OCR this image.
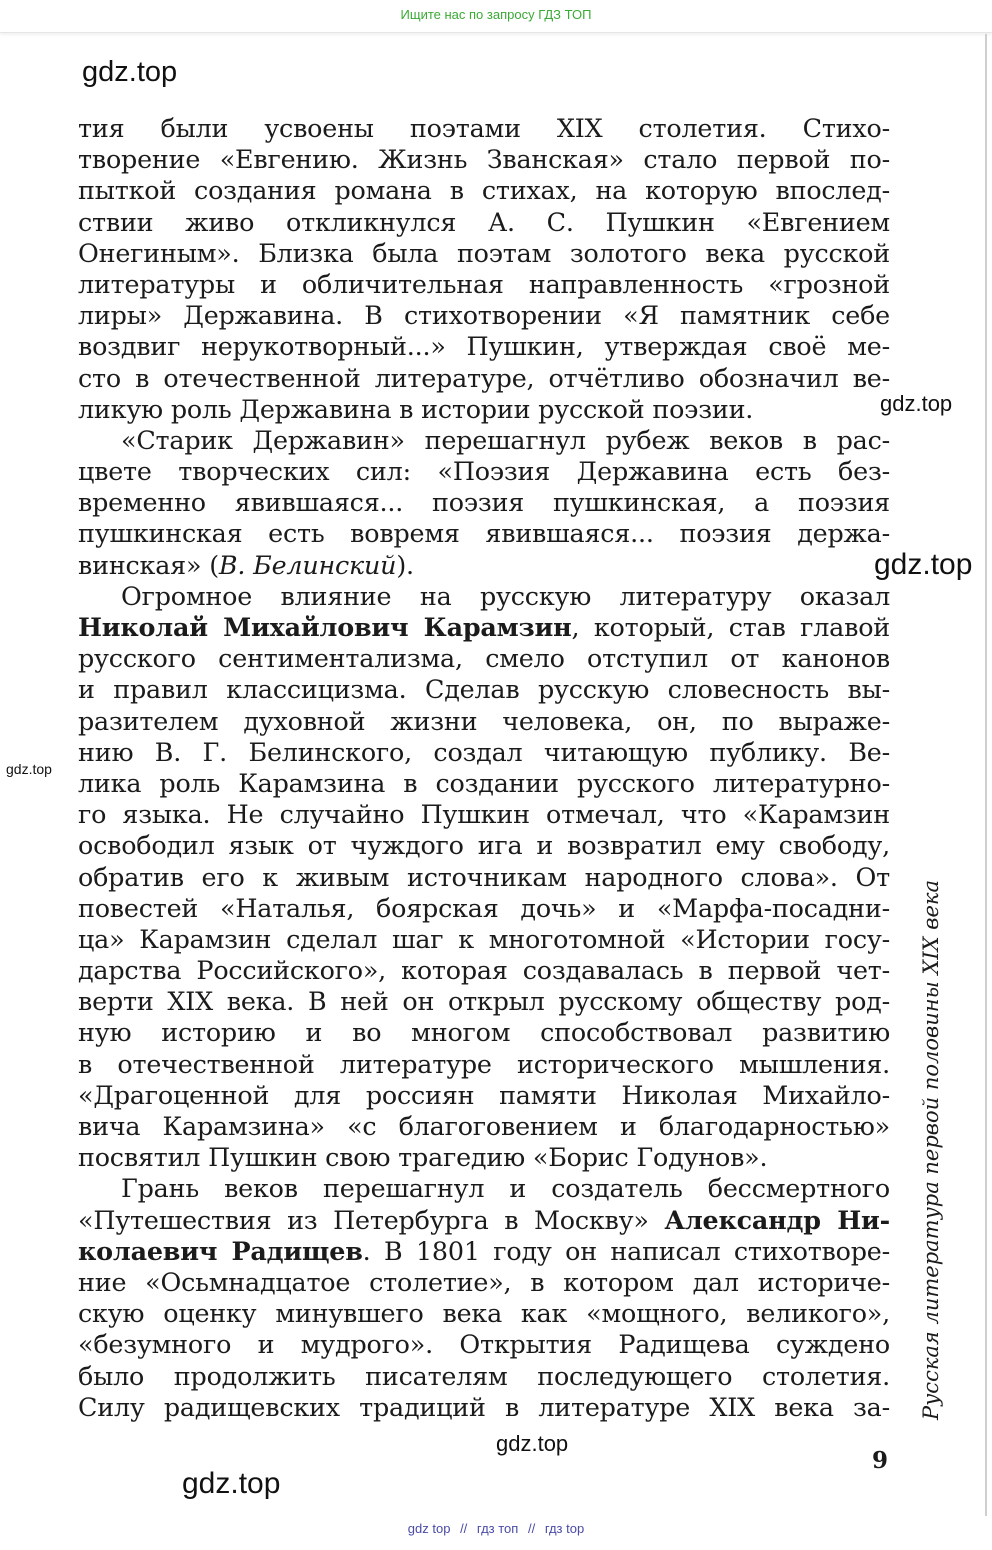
Ищите нас по запросу ГДЗ ТОП
gdz.top
gdz.top
gdz.top
gdz.top
gdz.top
gdz.top
тия были усвоены поэтами XIX столетия. Стихо-
творение «Евгению. Жизнь Званская» стало первой по-
пыткой создания романа в стихах, на которую впослед-
ствии живо откликнулся А. С. Пушкин «Евгением
Онегиным». Близка была поэтам золотого века русской
литературы и обличительная направленность «грозной
лиры» Державина. В стихотворении «Я памятник себе
воздвиг нерукотворный...» Пушкин, утверждая своё ме-
сто в отечественной литературе, отчётливо обозначил ве-
ликую роль Державина в истории русской поэзии.
«Старик Державин» перешагнул рубеж веков в рас-
цвете творческих сил: «Поэзия Державина есть без-
временно явившаяся... поэзия пушкинская, а поэзия
пушкинская есть вовремя явившаяся... поэзия держа-
винская» (В. Белинский).
Огромное влияние на русскую литературу оказал
Николай Михайлович Карамзин, который, став главой
русского сентиментализма, смело отступил от канонов
и правил классицизма. Сделав русскую словесность вы-
разителем духовной жизни человека, он, по выраже-
нию В. Г. Белинского, создал читающую публику. Ве-
лика роль Карамзина в создании русского литературно-
го языка. Не случайно Пушкин отмечал, что «Карамзин
освободил язык от чуждого ига и возвратил ему свободу,
обратив его к живым источникам народного слова». От
повестей «Наталья, боярская дочь» и «Марфа-посадни-
ца» Карамзин сделал шаг к многотомной «Истории госу-
дарства Российского», которая создавалась в первой чет-
верти XIX века. В ней он открыл русскому обществу род-
ную историю и во многом способствовал развитию
в отечественной литературе исторического мышления.
«Драгоценной для россиян памяти Николая Михайло-
вича Карамзина» «с благоговением и благодарностью»
посвятил Пушкин свою трагедию «Борис Годунов».
Грань веков перешагнул и создатель бессмертного
«Путешествия из Петербурга в Москву» Александр Ни-
колаевич Радищев. В 1801 году он написал стихотворе-
ние «Осьмнадцатое столетие», в котором дал историче-
скую оценку минувшего века как «мощного, великого»,
«безумного и мудрого». Открытия Радищева суждено
было продолжить писателям последующего столетия.
Силу радищевских традиций в литературе XIX века за- Русская литература первой половины XIX века
9
gdz top // гдз топ // гдз top
